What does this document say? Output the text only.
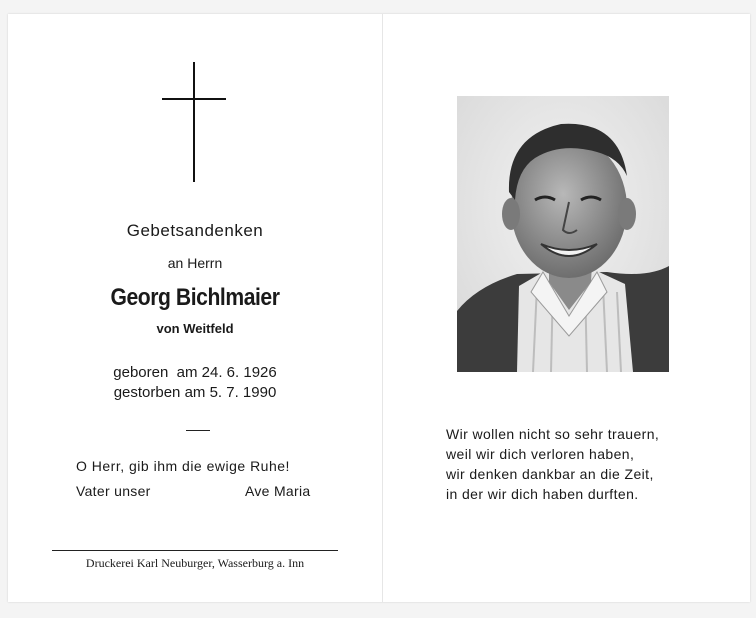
Gebetsandenken
an Herrn
Georg Bichlmaier
von Weitfeld
geboren  am 24. 6. 1926
gestorben am 5. 7. 1990
O Herr, gib ihm die ewige Ruhe!
Vater unser	Ave Maria
Druckerei Karl Neuburger, Wasserburg a. Inn
Wir wollen nicht so sehr trauern,
weil wir dich verloren haben,
wir denken dankbar an die Zeit,
in der wir dich haben durften.
